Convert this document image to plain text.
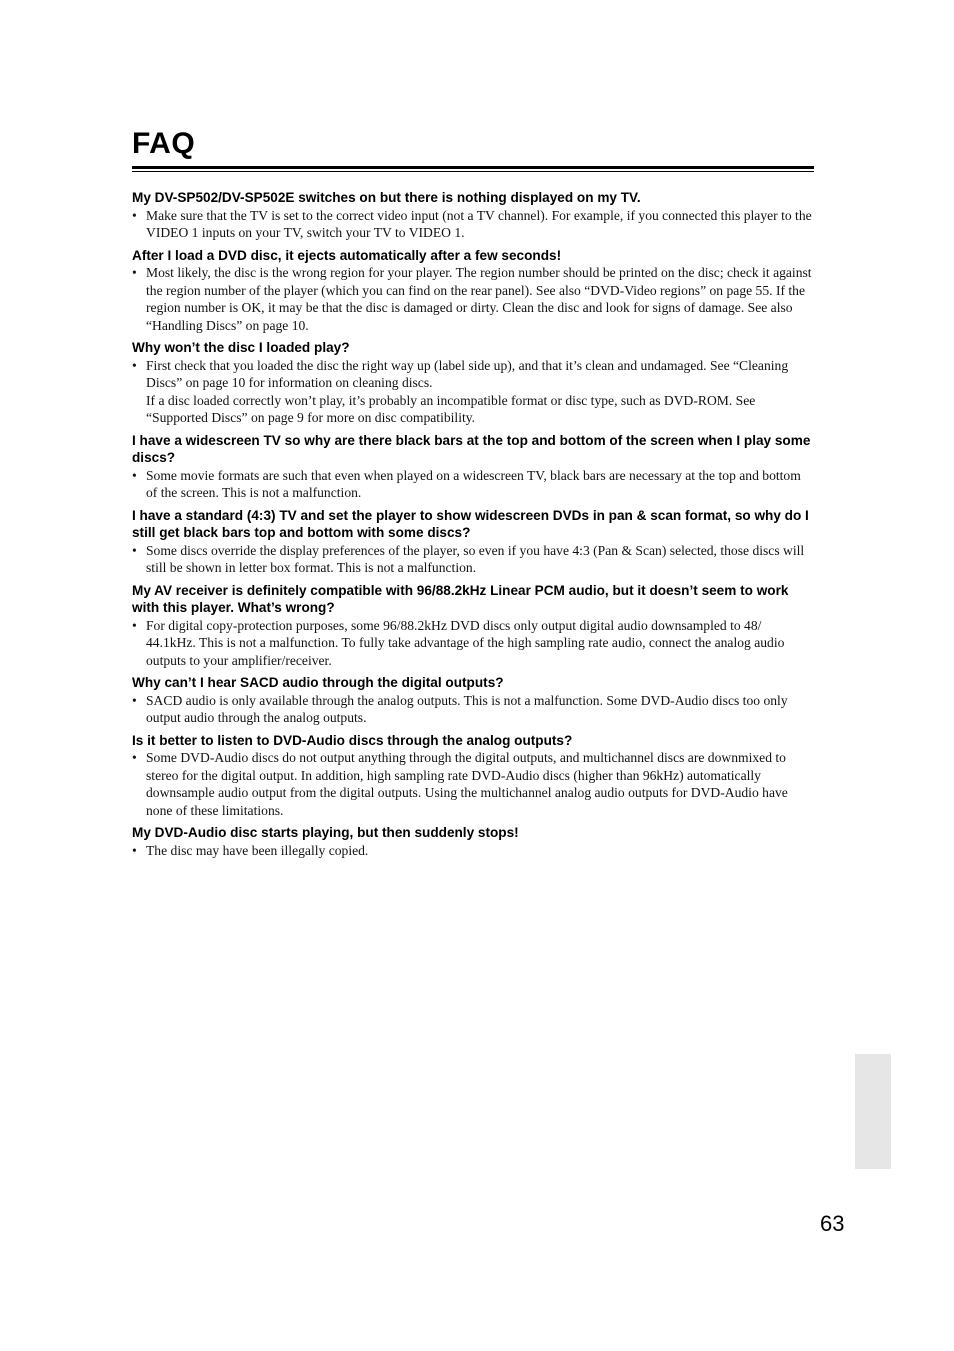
FAQ

My DV-SP502/DV-SP502E switches on but there is nothing displayed on my TV.

• Make sure that the TV is set to the correct video input (not a TV channel). For example, if you connected this player to the VIDEO 1 inputs on your TV, switch your TV to VIDEO 1.

After I load a DVD disc, it ejects automatically after a few seconds!

• Most likely, the disc is the wrong region for your player. The region number should be printed on the disc; check it against the region number of the player (which you can find on the rear panel). See also “DVD-Video regions” on page 55. If the region number is OK, it may be that the disc is damaged or dirty. Clean the disc and look for signs of damage. See also “Handling Discs” on page 10.

Why won’t the disc I loaded play?

• First check that you loaded the disc the right way up (label side up), and that it’s clean and undamaged. See “Cleaning Discs” on page 10 for information on cleaning discs.
If a disc loaded correctly won’t play, it’s probably an incompatible format or disc type, such as DVD-ROM. See “Supported Discs” on page 9 for more on disc compatibility.

I have a widescreen TV so why are there black bars at the top and bottom of the screen when I play some discs?

• Some movie formats are such that even when played on a widescreen TV, black bars are necessary at the top and bottom of the screen. This is not a malfunction.

I have a standard (4:3) TV and set the player to show widescreen DVDs in pan & scan format, so why do I still get black bars top and bottom with some discs?

• Some discs override the display preferences of the player, so even if you have 4:3 (Pan & Scan) selected, those discs will still be shown in letter box format. This is not a malfunction.

My AV receiver is definitely compatible with 96/88.2kHz Linear PCM audio, but it doesn’t seem to work with this player. What’s wrong?

• For digital copy-protection purposes, some 96/88.2kHz DVD discs only output digital audio downsampled to 48/ 44.1kHz. This is not a malfunction. To fully take advantage of the high sampling rate audio, connect the analog audio outputs to your amplifier/receiver.

Why can’t I hear SACD audio through the digital outputs?

• SACD audio is only available through the analog outputs. This is not a malfunction. Some DVD-Audio discs too only output audio through the analog outputs.

Is it better to listen to DVD-Audio discs through the analog outputs?

• Some DVD-Audio discs do not output anything through the digital outputs, and multichannel discs are downmixed to stereo for the digital output. In addition, high sampling rate DVD-Audio discs (higher than 96kHz) automatically downsample audio output from the digital outputs. Using the multichannel analog audio outputs for DVD-Audio have none of these limitations.

My DVD-Audio disc starts playing, but then suddenly stops!

• The disc may have been illegally copied.
63
